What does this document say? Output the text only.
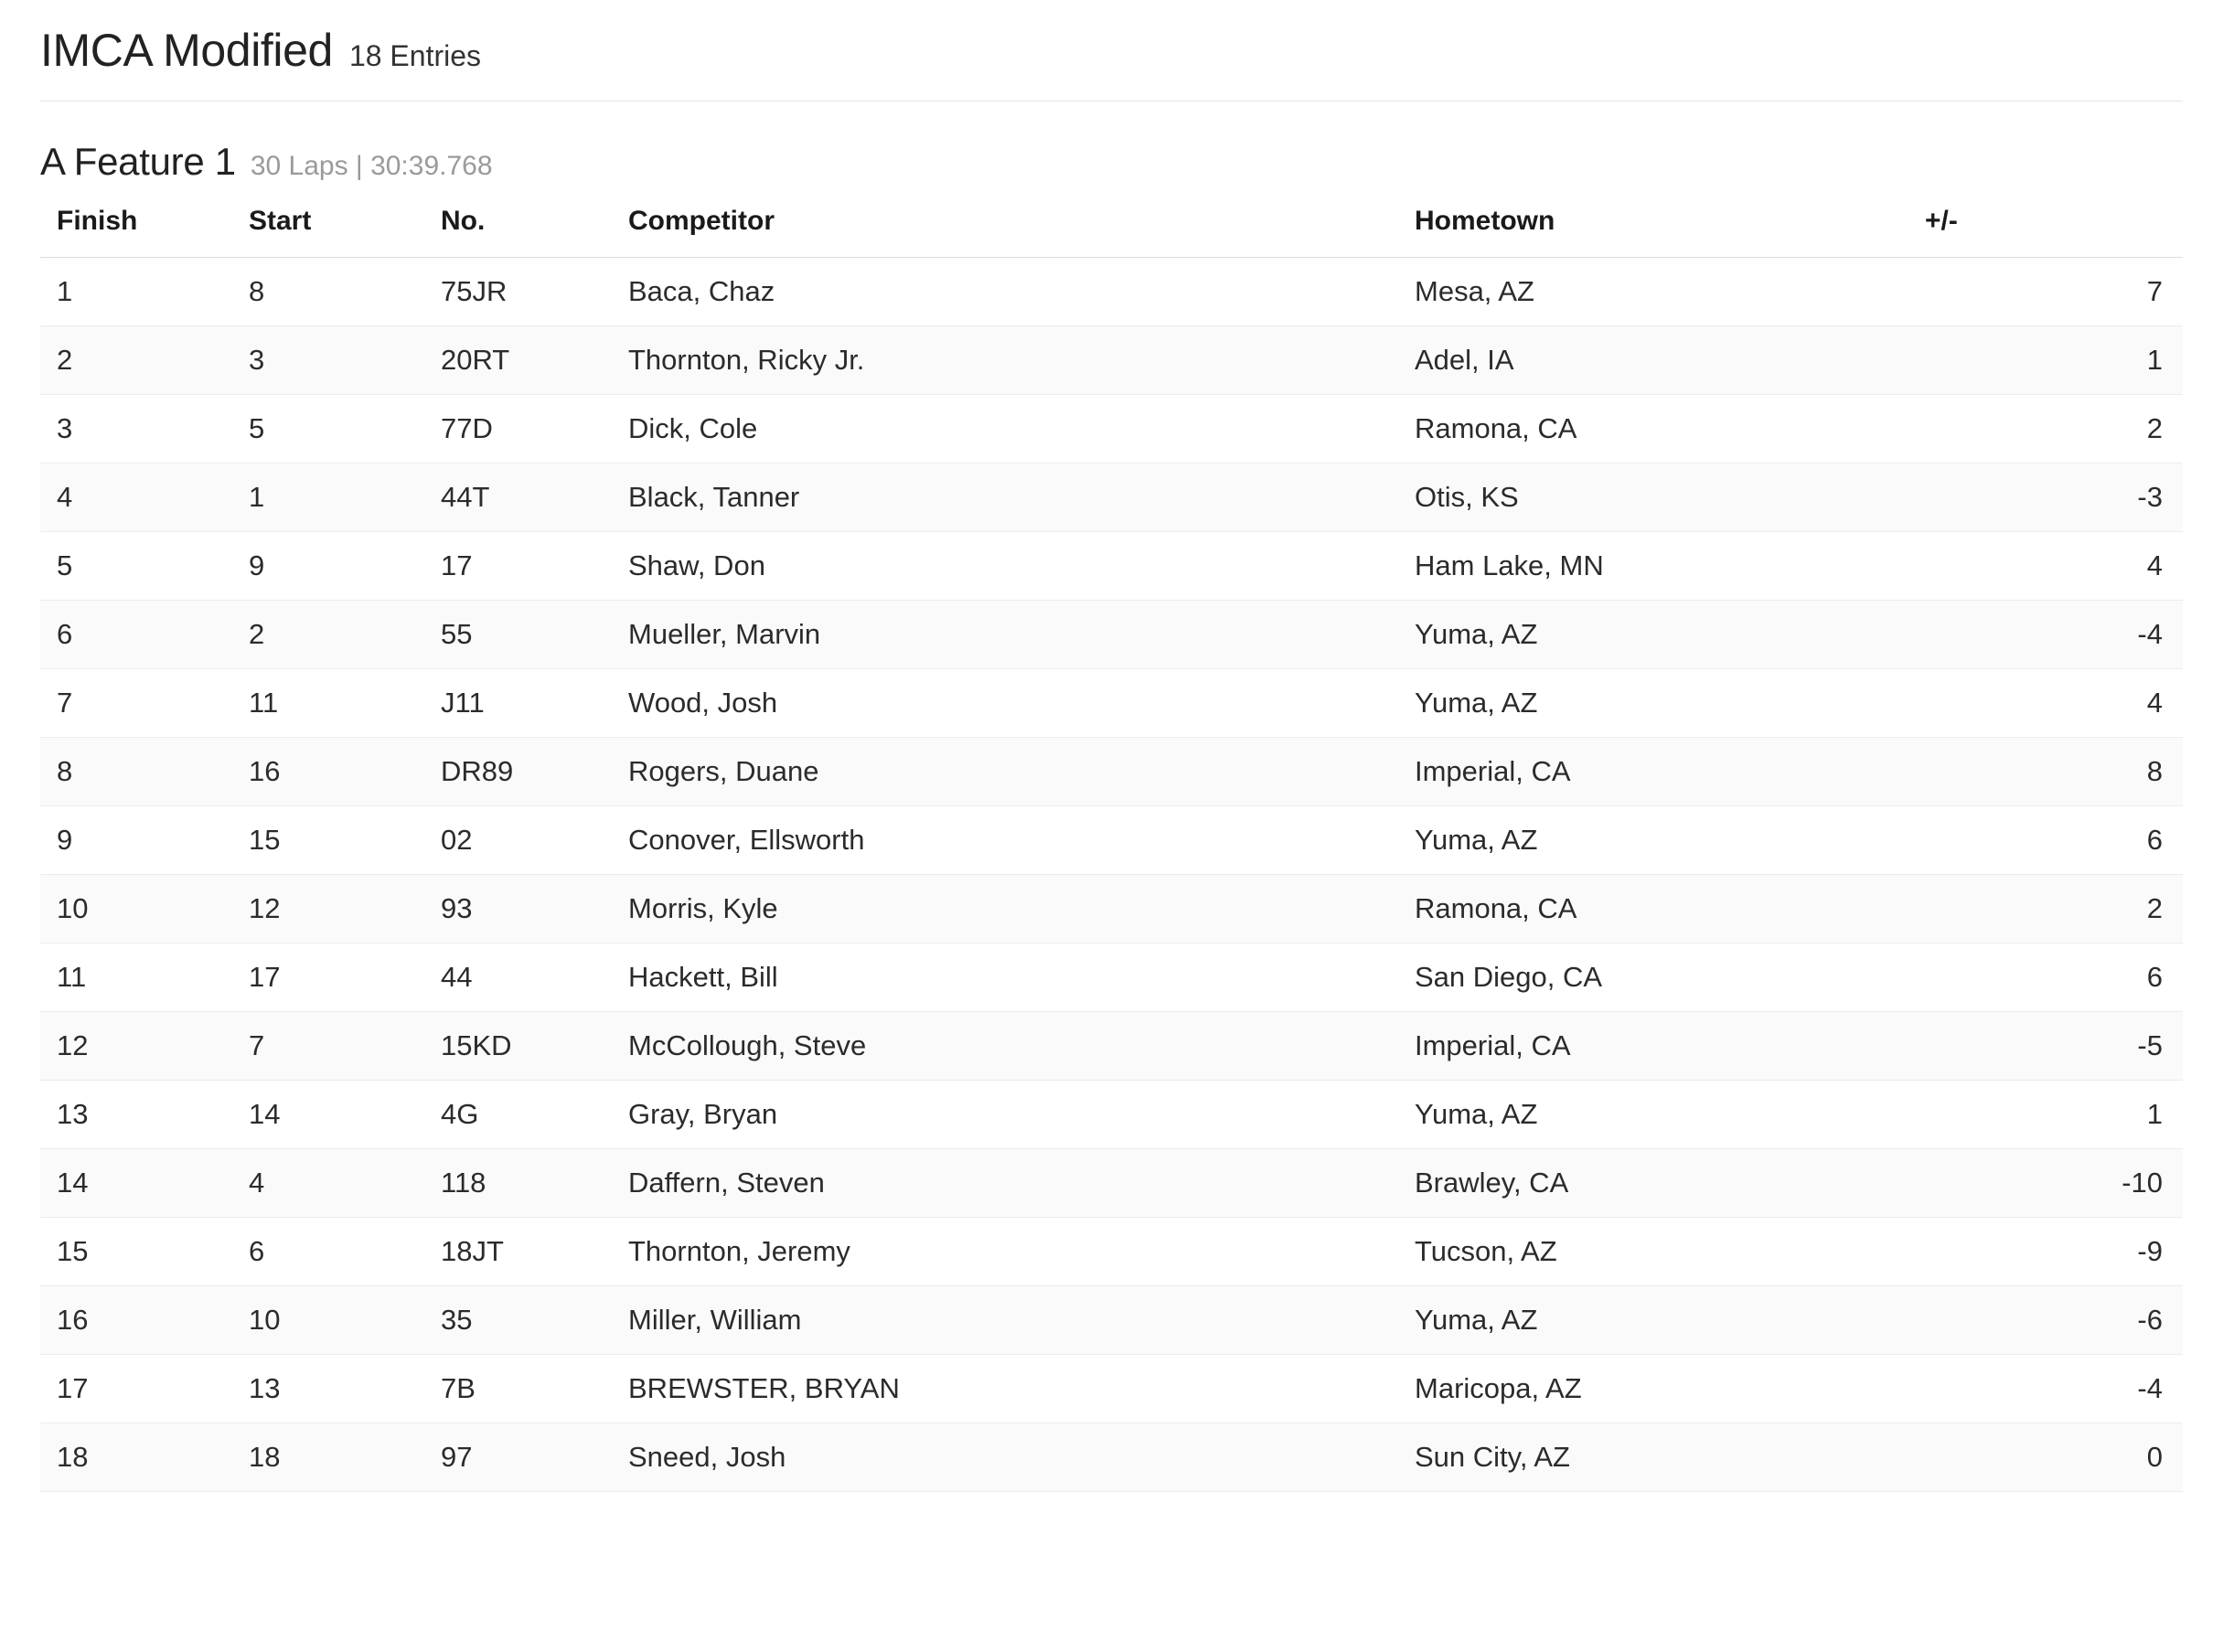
IMCA Modified 18 Entries
A Feature 1 30 Laps | 30:39.768
Finish	Start	No.	Competitor	Hometown	+/-
1	8	75JR	Baca, Chaz	Mesa, AZ	7
2	3	20RT	Thornton, Ricky Jr.	Adel, IA	1
3	5	77D	Dick, Cole	Ramona, CA	2
4	1	44T	Black, Tanner	Otis, KS	-3
5	9	17	Shaw, Don	Ham Lake, MN	4
6	2	55	Mueller, Marvin	Yuma, AZ	-4
7	11	J11	Wood, Josh	Yuma, AZ	4
8	16	DR89	Rogers, Duane	Imperial, CA	8
9	15	02	Conover, Ellsworth	Yuma, AZ	6
10	12	93	Morris, Kyle	Ramona, CA	2
11	17	44	Hackett, Bill	San Diego, CA	6
12	7	15KD	McCollough, Steve	Imperial, CA	-5
13	14	4G	Gray, Bryan	Yuma, AZ	1
14	4	118	Daffern, Steven	Brawley, CA	-10
15	6	18JT	Thornton, Jeremy	Tucson, AZ	-9
16	10	35	Miller, William	Yuma, AZ	-6
17	13	7B	BREWSTER, BRYAN	Maricopa, AZ	-4
18	18	97	Sneed, Josh	Sun City, AZ	0
